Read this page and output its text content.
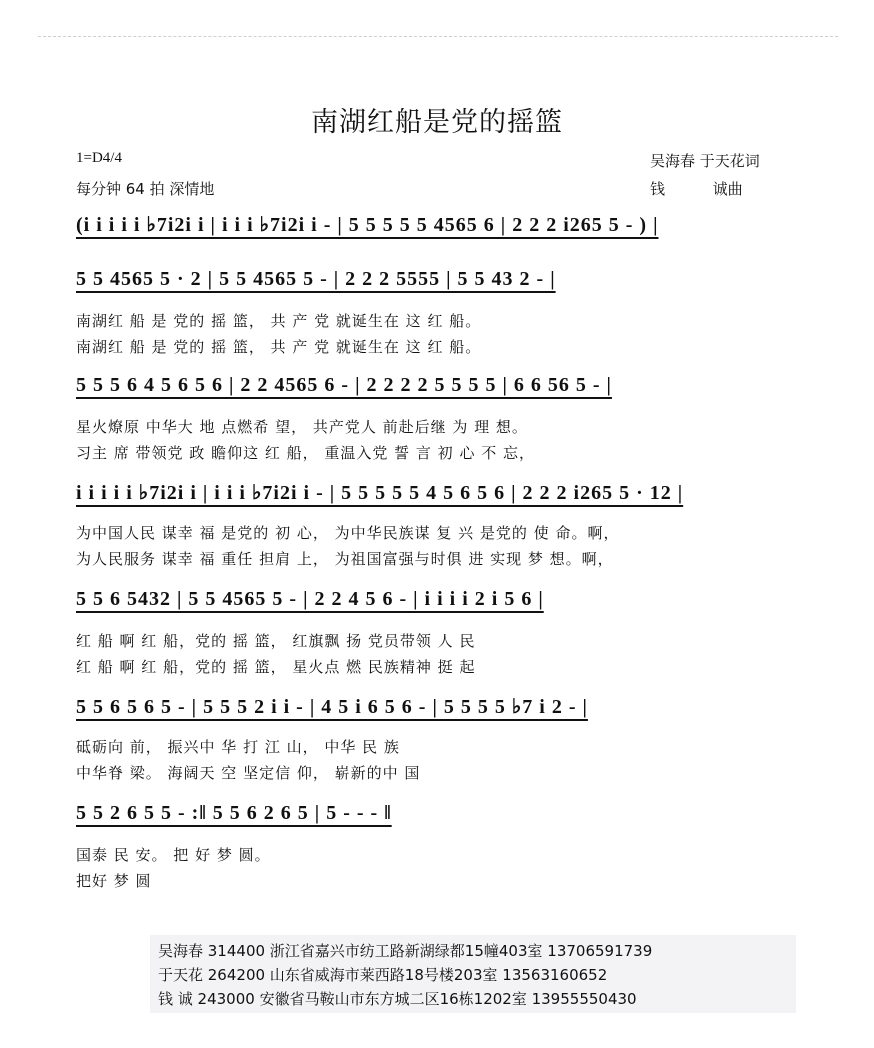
南湖红船是党的摇篮
1=D4/4
每分钟 64 拍 深情地
吴海春 于天花词
钱          诚曲
(i i i i i ♭7i2i i | i i i ♭7i2i i - | 5 5 5 5 5 4565 6 | 2 2 2 i265 5 - ) |
5 5 4565 5 · 2 | 5 5 4565 5 - | 2 2 2 5555 | 5 5 43 2 - |
南湖红 船 是 党的 摇 篮， 共 产 党 就诞生在 这 红 船。
南湖红 船 是 党的 摇 篮， 共 产 党 就诞生在 这 红 船。
5 5 5 6 4 5 6 5 6 | 2 2 4565 6 - | 2 2 2 2 5 5 5 5 | 6 6 56 5 - |
星火燎原 中华大 地 点燃希 望， 共产党人 前赴后继 为 理 想。
习主 席 带领党 政 瞻仰这 红 船， 重温入党 誓 言 初 心 不 忘，
i i i i i ♭7i2i i | i i i ♭7i2i i - | 5 5 5 5 5 4 5 6 5 6 | 2 2 2 i265 5 · 12 |
为中国人民 谋幸 福 是党的 初 心， 为中华民族谋 复 兴 是党的 使 命。啊，
为人民服务 谋幸 福 重任 担肩 上， 为祖国富强与时俱 进 实现 梦 想。啊，
5 5 6 5432 | 5 5 4565 5 - | 2 2 4 5 6 - | i i i i 2 i 5 6 |
红 船 啊 红 船，党的 摇 篮， 红旗飘 扬 党员带领 人 民
红 船 啊 红 船，党的 摇 篮， 星火点 燃 民族精神 挺 起
5 5 6 5 6 5 - | 5 5 5 2 i i - | 4 5 i 6 5 6 - | 5 5 5 5 ♭7 i 2 - |
砥砺向 前， 振兴中 华 打 江 山， 中华 民 族
中华脊 梁。 海阔天 空 坚定信 仰， 崭新的中 国
5 5 2 6 5 5 - :‖ 5 5 6 2 6 5 | 5 - - - ‖
国泰 民 安。 把 好 梦 圆。
把好 梦 圆
吴海春 314400 浙江省嘉兴市纺工路新湖绿都15幢403室 13706591739
于天花 264200 山东省威海市莱西路18号楼203室 13563160652
钱 诚 243000 安徽省马鞍山市东方城二区16栋1202室 13955550430
